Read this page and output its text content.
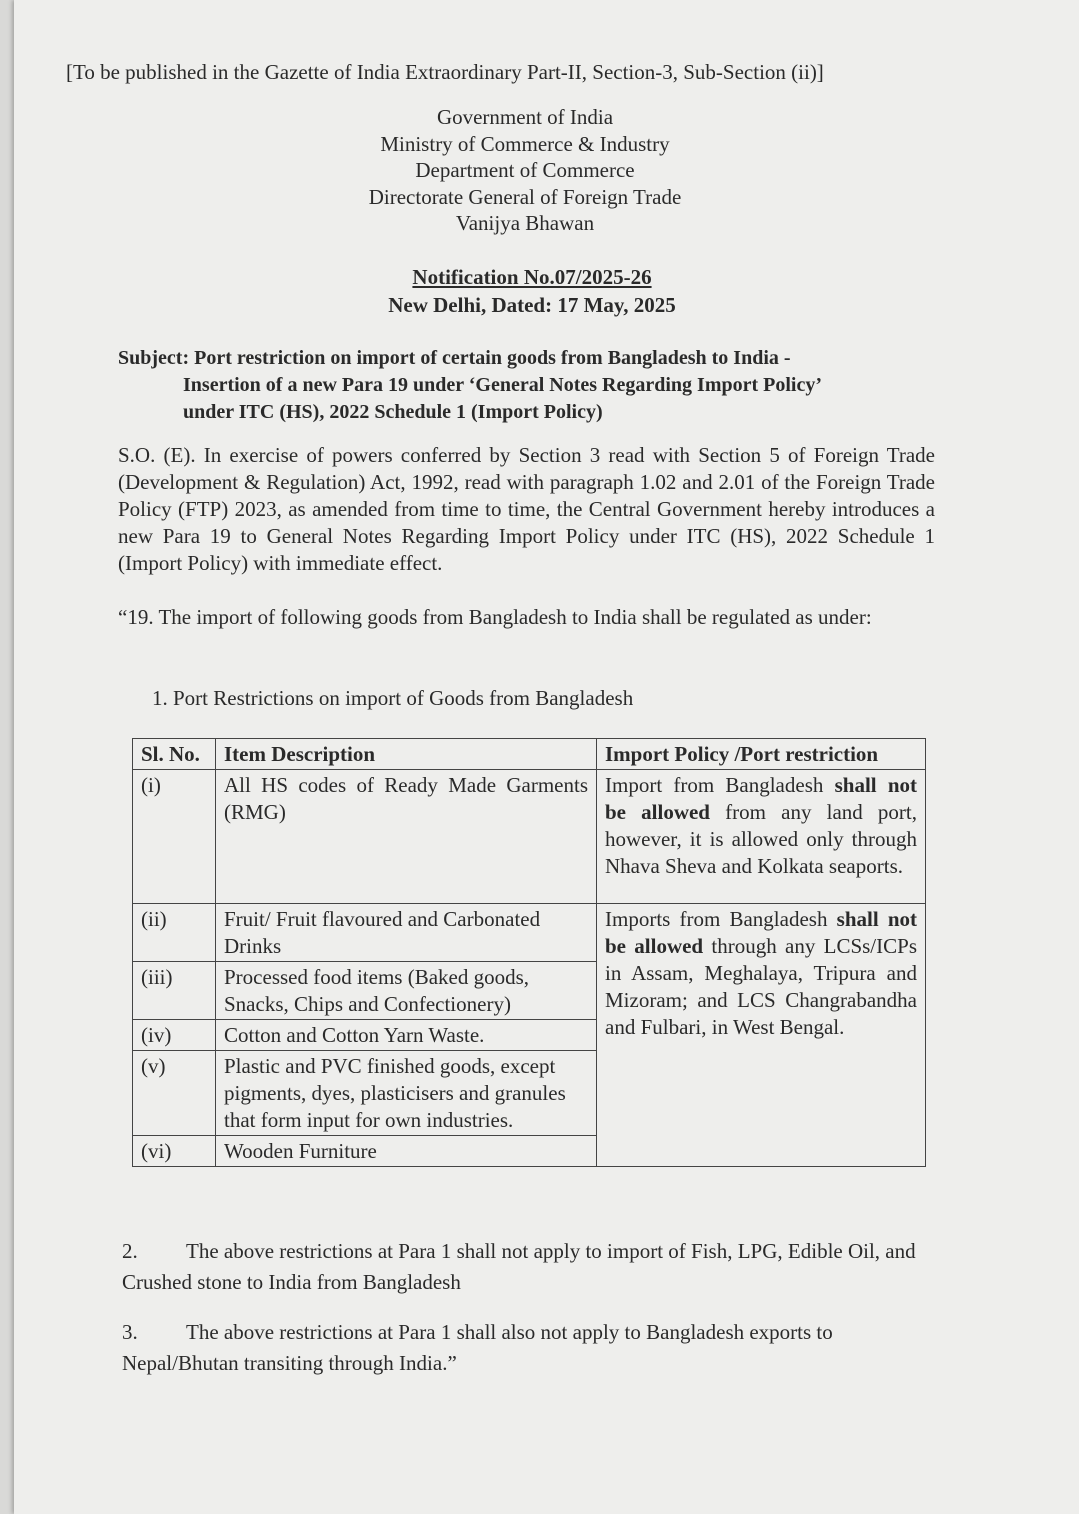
[To be published in the Gazette of India Extraordinary Part-II, Section-3, Sub-Section (ii)]
Government of India
Ministry of Commerce & Industry
Department of Commerce
Directorate General of Foreign Trade
Vanijya Bhawan
Notification No.07/2025-26
New Delhi, Dated: 17 May, 2025
Subject: Port restriction on import of certain goods from Bangladesh to India -
Insertion of a new Para 19 under ‘General Notes Regarding Import Policy’
under ITC (HS), 2022 Schedule 1 (Import Policy)
S.O. (E). In exercise of powers conferred by Section 3 read with Section 5 of Foreign Trade (Development & Regulation) Act, 1992, read with paragraph 1.02 and 2.01 of the Foreign Trade Policy (FTP) 2023, as amended from time to time, the Central Government hereby introduces a new Para 19 to General Notes Regarding Import Policy under ITC (HS), 2022 Schedule 1 (Import Policy) with immediate effect.
“19. The import of following goods from Bangladesh to India shall be regulated as under:
1. Port Restrictions on import of Goods from Bangladesh
Sl. No.	Item Description	Import Policy /Port restriction
(i)	All HS codes of Ready Made Garments (RMG)	Import from Bangladesh shall not be allowed from any land port, however, it is allowed only through Nhava Sheva and Kolkata seaports.
(ii)	Fruit/ Fruit flavoured and Carbonated Drinks	Imports from Bangladesh shall not be allowed through any LCSs/ICPs in Assam, Meghalaya, Tripura and Mizoram; and LCS Changrabandha and Fulbari, in West Bengal.
(iii)	Processed food items (Baked goods, Snacks, Chips and Confectionery)	
(iv)	Cotton and Cotton Yarn Waste.	
(v)	Plastic and PVC finished goods, except pigments, dyes, plasticisers and granules that form input for own industries.	
(vi)	Wooden Furniture	
2. The above restrictions at Para 1 shall not apply to import of Fish, LPG, Edible Oil, and Crushed stone to India from Bangladesh
3. The above restrictions at Para 1 shall also not apply to Bangladesh exports to Nepal/Bhutan transiting through India.”
